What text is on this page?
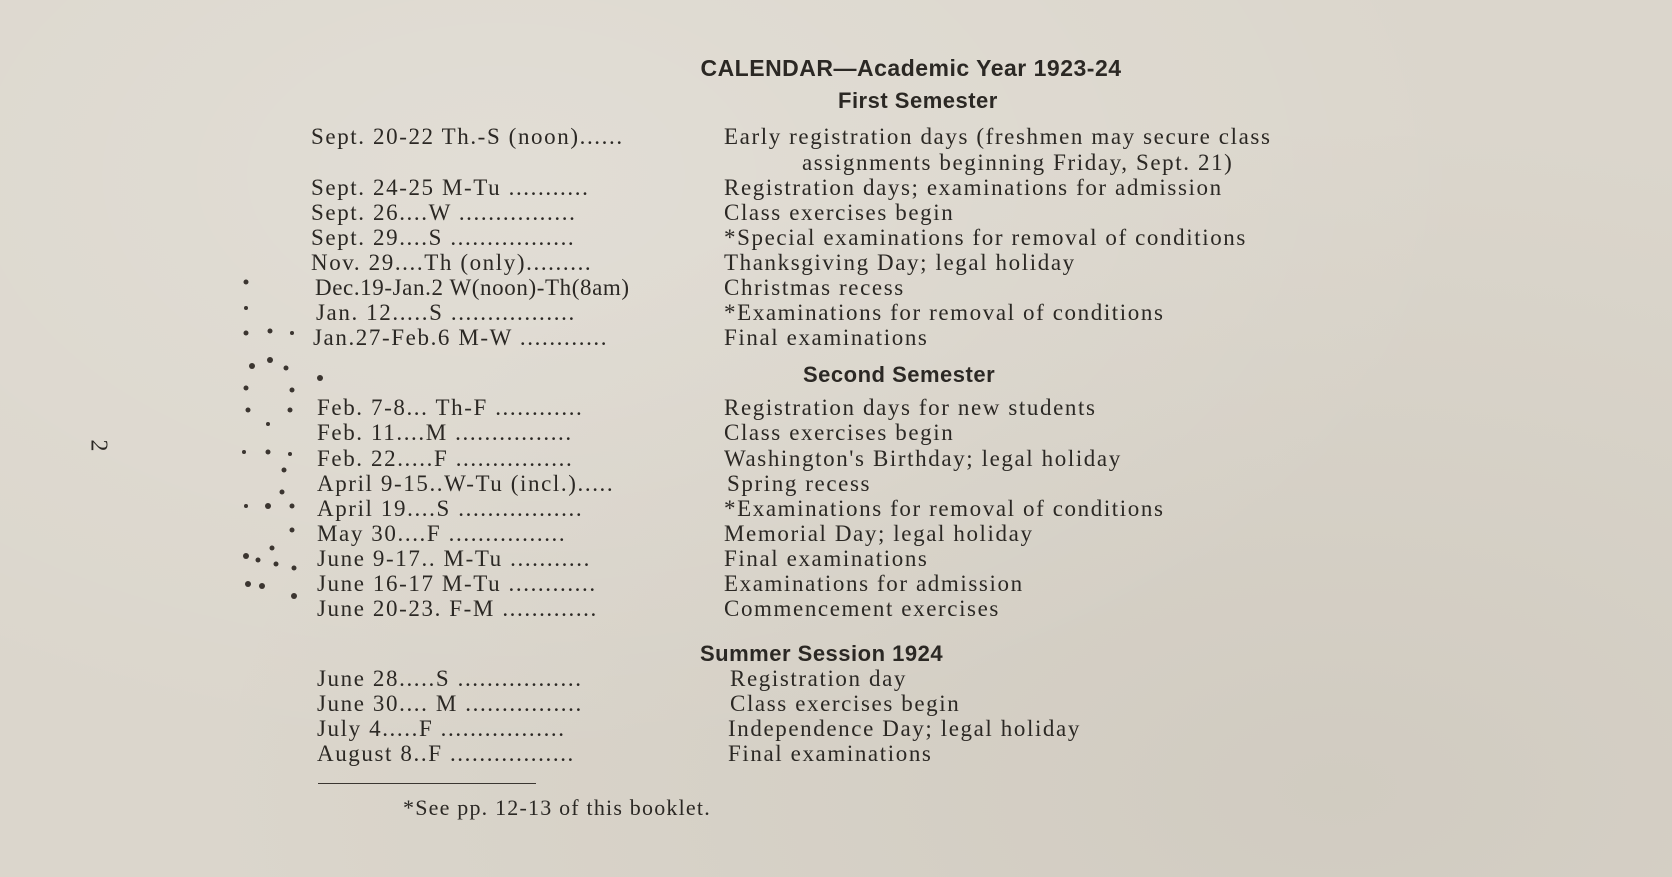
CALENDAR—Academic Year 1923-24
2
First Semester
Sept. 20-22 Th.-S (noon)......	Early registration days (freshmen may secure class
assignments beginning Friday, Sept. 21)
Sept. 24-25 M-Tu ...........	Registration days; examinations for admission
Sept. 26....W ................	Class exercises begin
Sept. 29....S .................	*Special examinations for removal of conditions
Nov. 29....Th (only).........	Thanksgiving Day; legal holiday
Dec.19-Jan.2 W(noon)-Th(8am)	Christmas recess
Jan. 12.....S .................	*Examinations for removal of conditions
Jan.27-Feb.6 M-W ............	Final examinations
Second Semester
Feb. 7-8... Th-F ............	Registration days for new students
Feb. 11....M ................	Class exercises begin
Feb. 22.....F ................	Washington's Birthday; legal holiday
April 9-15..W-Tu (incl.).....	Spring recess
April 19....S .................	*Examinations for removal of conditions
May 30....F ................	Memorial Day; legal holiday
June 9-17.. M-Tu ...........	Final examinations
June 16-17 M-Tu ............	Examinations for admission
June 20-23. F-M .............	Commencement exercises
Summer Session 1924
June 28.....S .................	Registration day
June 30.... M ................	Class exercises begin
July 4.....F .................	Independence Day; legal holiday
August 8..F .................	Final examinations
*See pp. 12-13 of this booklet.
